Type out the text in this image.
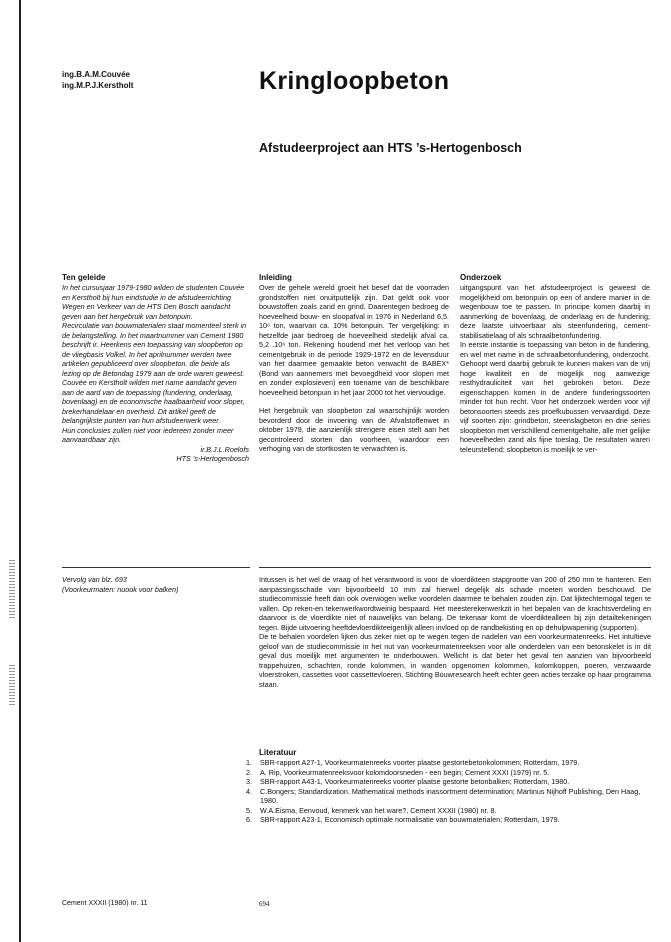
ing.B.A.M.Couvée
ing.M.P.J.Kerstholt	Kringloopbeton
Afstudeerproject aan HTS ’s-Hertogenbosch
Ten geleide

In het cursusjaar 1979-1980 wilden de studenten Couvée en Kerstholt bij hun eindstudie in de afstudeerrichting Wegen en Verkeer van de HTS Den Bosch aandacht geven aan het hergebruik van betonpuin.

Recirculatie van bouwmaterialen staat momenteel sterk in de belangstelling. In het maartnummer van Cement 1980 beschrijft ir. Heerkens een toepassing van sloopbeton op de vliegbasis Volkel. In het aprilnummer werden twee artikelen gepubliceerd over sloopbeton. die beide als lezing op de Betondag 1979 aan de orde waren geweest.

Couvée en Kerstholt wilden met name aandacht geven aan de aard van de toepassing (fundering, onderlaag, bovenlaag) en de economische haalbaarheid voor sloper, brekerhandelaar en overheid. Dit artikel geeft de belangrijkste punten van hun afstudeerwerk weer.

Hun conclusies zullen niet voor iedereen zonder meer aanvaardbaar zijn.

ir.B.J.L.Roelofs
HTS ’s-Hertogenbosch
Inleiding

Over de gehele wereld groeit het besef dat de voorraden grondstoffen niet onuitputtelijk zijn. Dat geldt ook voor bouwstoffen zoals zand en grind. Daarentegen bedroeg de hoeveelheid bouw- en sloopafval in 1976 in Nederland 6,5. 10⁶ ton, waarvan ca. 10% betonpuin. Ter vergelijking: in hetzelfde jaar bedroeg de hoeveelheid stedelijk afval ca. 5,2 .10⁶ ton. Rekening houdend met het verloop van het cementgebruik in de periode 1929-1972 en de levensduur van het daarmee gemaakte beton verwacht de BABEX* (Bond van aannemers met bevoegdheid voor slopen met en zonder explosieven) een toename van de beschikbare hoeveelheid betonpuin in het jaar 2000 tot het viervoudige.

Het hergebruik van sloopbeton zal waarschijnlijk worden bevorderd door de invoering van de Afvalstoffenwet in oktober 1979, die aanzienlijk strengere eisen stelt aan het gecontroleerd storten dan voorheen, waardoor een verhoging van de stortkosten te verwachten is.

Onderzoek

uitgangspunt van het afstudeerproject is geweest de mogelijkheid om betonpuin op een of andere manier in de wegenbouw toe te passen. In principe komen daarbij in aanmerking de bovenlaag, de onderlaag en de fundering; deze laatste uitvoerbaar als steenfundering, cement-stabilisatielaag of als schraalbetonfundering.

In eerste instantie is toepassing van beton in de fundering, en wel met name in de schraalbetonfundering, onderzocht. Gehoopt werd daarbij gebruik te kunnen maken van de vrij hoge kwaliteit en de mogelijk nog aanwezige resthydrauliciteit van het gebroken beton. Deze eigenschappen komen in de andere funderingssoorten minder tot hun recht. Voor het onderzoek werden voor vijf betonsoorten steeds zes proefkubussen vervaardigd. Deze vijf soorten zijn: grindbeton, steenslagbeton en drie series sloopbeton met verschillend cementgehalte, alle met gelijke hoeveelheden zand als fijne toeslag. De resultaten waren teleurstellend: sloopbeton is moeilijk te ver-

Vervolg van blz. 693
(Voorkeurmaten: nuook voor balken)

Intussen is het wel de vraag of het verantwoord is voor de vloerdikteen stapgrootte van 200 of 250 mm te hanteren. Een aanpassingsschade van bijvoorbeeld 10 mm zal hierwel degelijk als schade moeten worden beschouwd. De studiecommissie heeft dan ook overwogen welke voordelen daarmee te behalen zouden zijn. Dat lijktechternogal tegen te vallen. Op reken-en tekenwerkwordtweinig bespaard. Het meesterekenwerkzit in het bepalen van de krachtsverdeling en daarvoor is de vloerdikte niet of nauwelijks van belang. De tekenaar komt de vloerdiktealleen bij zijn detailtekeningen tegen. Bijde uitvoering heeftdevloerdikteeigenlijk alleen invloed op de randbekisting en op dehulpwapening (supporten).

De te behalen voordelen lijken dus zeker niet op te wegen tegen de nadelen van een voorkeurmatenreeks. Het intuïtieve geloof van de studiecommissie in het nut van voorkeurmatenreeksen voor alle onderdelen van een betonskelet is in dit geval dus moeilijk met argumenten te onderbouwen. Wellicht is dat beter het geval ten aanzien van bijvoorbeeld trappehuizen, schachten, ronde kolommen, in wanden opgenomen kolommen, kolomkoppen, poeren, verzwaarde vloerstroken, cassettes voor cassettevloeren. Stichting Bouwresearch heeft echter geen acties terzake op haar programma staan.

Literatuur
1. SBR-rapport A27-1, Voorkeurmatenreeks voorter plaatse gestortebetonkolommen; Rotterdam, 1979.
2. A. Rip, Voorkeurmatenreeksvoor kolomdoorsneden - een begin; Cement XXXI (1979) nr. 5.
3. SBR-rapport A43-1, Voorkeurmatenreeks voorter plaatse gestorte betonbalken; Rotterdam, 1980.
4. C.Bongers; Standardization. Mathematical methods inassortment determination; Martinus Nijhoff Publishing, Den Haag, 1980.
5. W.A.Eisma, Eenvoud, kenmerk van het ware?, Cement XXXII (1980) nr. 8.
6. SBR-rapport A23-1, Economisch optimale normalisatie van bouwmaterialen; Rotterdam, 1979.
Cement XXXII (1980) nr. 11	694
